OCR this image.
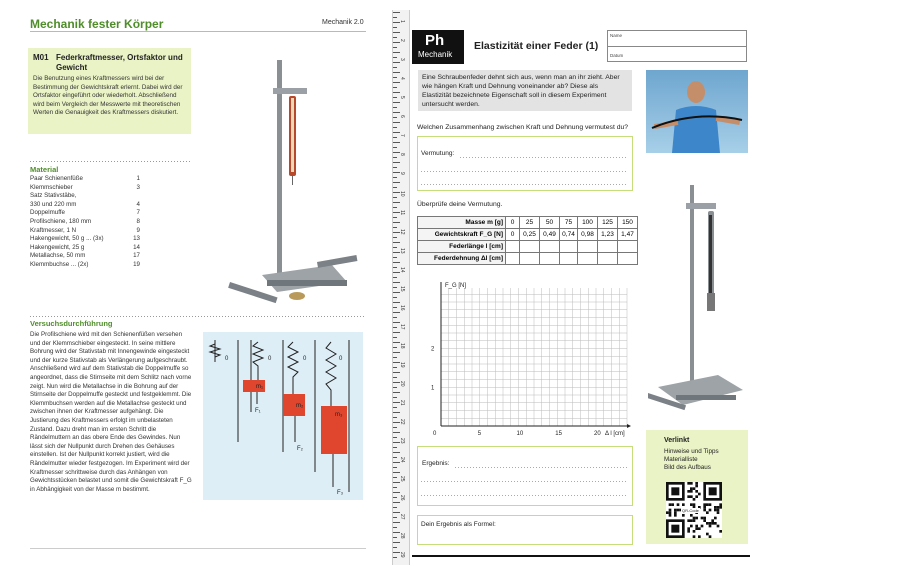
Mechanik fester Körper	Mechanik 2.0
M01 Federkraftmesser, Ortsfaktor und Gewicht
Die Benutzung eines Kraftmessers wird bei der Bestimmung der Gewichtskraft erlernt. Dabei wird der Ortsfaktor eingeführt oder wiederholt. Abschließend wird beim Vergleich der Messwerte mit theoretischen Werten die Genauigkeit des Kraftmessers diskutiert.
Material
Paar Schienenfüße	1
Klemmschieber	3
Satz Stativstäbe,
330 und 220 mm	4
Doppelmuffe	7
Profilschiene, 180 mm	8
Kraftmesser, 1 N	9
Hakengewicht, 50 g ... (3x)	13
Hakengewicht, 25 g	14
Metallachse, 50 mm	17
Klemmbuchse ... (2x)	19
Versuchsdurchführung
Die Profilschiene wird mit den Schienenfüßen versehen und der Klemmschieber eingesteckt. In seine mittlere Bohrung wird der Stativstab mit Innengewinde eingesteckt und der kurze Stativstab als Verlängerung aufgeschraubt. Anschließend wird auf dem Stativstab die Doppelmuffe so angeordnet, dass die Stirnseite mit dem Schlitz nach vorne zeigt. Nun wird die Metallachse in die Bohrung auf der Stirnseite der Doppelmuffe gesteckt und festgeklemmt. Die Klemmbuchsen werden auf die Metallachse gesteckt und zwischen ihnen der Kraftmesser aufgehängt. Die Justierung des Kraftmessers erfolgt im unbelasteten Zustand. Dazu dreht man im ersten Schritt die Rändelmuttern an das obere Ende des Gewindes. Nun lässt sich der Nullpunkt durch Drehen des Gehäuses einstellen. Ist der Nullpunkt korrekt justiert, wird die Rändelmutter wieder festgezogen. Im Experiment wird der Kraftmesser schrittweise durch das Anhängen von Gewichtsstücken belastet und somit die Gewichtskraft F_G in Abhängigkeit von der Masse m bestimmt.
0	0	0	0
m₁
m₂
m₃
F₁
F₂
F₃
1
2
3
4
5
6
7
8
9
10
11
12
13
14
15
16
17
18
19
20
21
22
23
24
25
26
27
28
29
Ph
Mechanik
Elastizität einer Feder (1)
Name
Datum
Eine Schraubenfeder dehnt sich aus, wenn man an ihr zieht. Aber wie hängen Kraft und Dehnung voneinander ab? Diese als Elastizität bezeichnete Eigenschaft soll in diesem Experiment untersucht werden.
Welchen Zusammenhang zwischen Kraft und Dehnung vermutest du?
Vermutung:
Überprüfe deine Vermutung.
Masse m [g]	0	25	50	75	100	125	150
Gewichtskraft F_G [N]	0	0,25	0,49	0,74	0,98	1,23	1,47
Federlänge l [cm]							
Federdehnung Δl [cm]							
F_G [N]
Δ l [cm]
1
2
0	5	10	15	20
Ergebnis:
Dein Ergebnis als Formel:
Verlinkt
Hinweise und Tipps
Materialliste
Bild des Aufbaus
QR-Code
